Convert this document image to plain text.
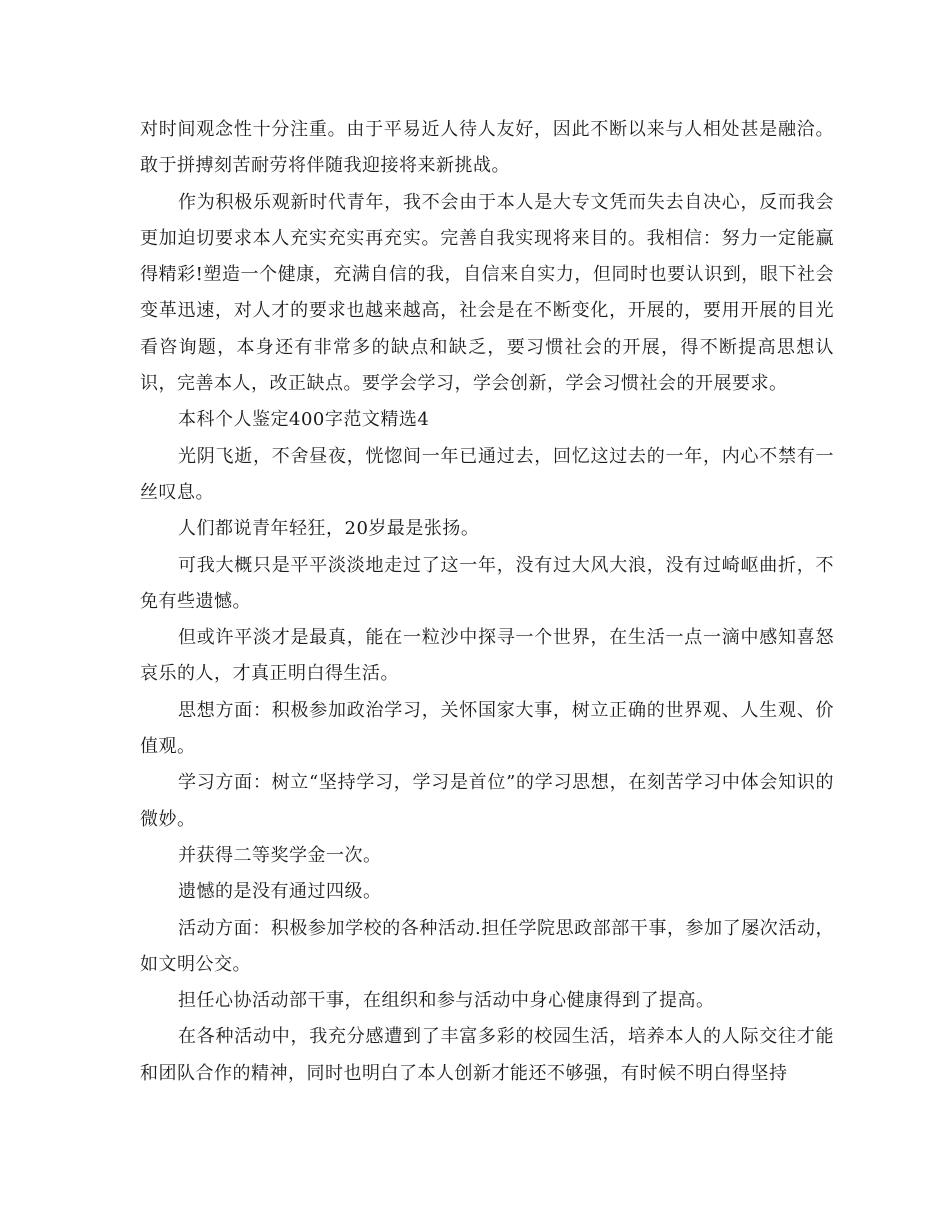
对时间观念性十分注重。由于平易近人待人友好，因此不断以来与人相处甚是融洽。敢于拼搏刻苦耐劳将伴随我迎接将来新挑战。

作为积极乐观新时代青年，我不会由于本人是大专文凭而失去自决心，反而我会更加迫切要求本人充实充实再充实。完善自我实现将来目的。我相信：努力一定能赢得精彩!塑造一个健康，充满自信的我，自信来自实力，但同时也要认识到，眼下社会变革迅速，对人才的要求也越来越高，社会是在不断变化，开展的，要用开展的目光看咨询题，本身还有非常多的缺点和缺乏，要习惯社会的开展，得不断提高思想认识，完善本人，改正缺点。要学会学习，学会创新，学会习惯社会的开展要求。

本科个人鉴定400字范文精选4

光阴飞逝，不舍昼夜，恍惚间一年已通过去，回忆这过去的一年，内心不禁有一丝叹息。

人们都说青年轻狂，20岁最是张扬。

可我大概只是平平淡淡地走过了这一年，没有过大风大浪，没有过崎岖曲折，不免有些遗憾。

但或许平淡才是最真，能在一粒沙中探寻一个世界，在生活一点一滴中感知喜怒哀乐的人，才真正明白得生活。

思想方面：积极参加政治学习，关怀国家大事，树立正确的世界观、人生观、价值观。

学习方面：树立“坚持学习，学习是首位”的学习思想，在刻苦学习中体会知识的微妙。

并获得二等奖学金一次。

遗憾的是没有通过四级。

活动方面：积极参加学校的各种活动.担任学院思政部部干事，参加了屡次活动，如文明公交。

担任心协活动部干事，在组织和参与活动中身心健康得到了提高。

在各种活动中，我充分感遭到了丰富多彩的校园生活，培养本人的人际交往才能和团队合作的精神，同时也明白了本人创新才能还不够强，有时候不明白得坚持
